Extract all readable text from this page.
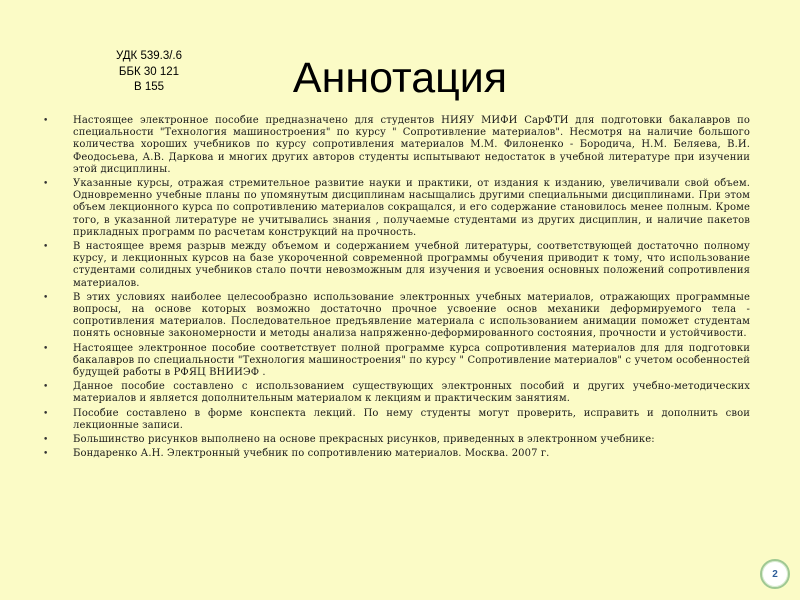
УДК 539.3/.6
ББК 30 121
В 155	Аннотация
• Настоящее электронное пособие предназначено для студентов НИЯУ МИФИ СарФТИ для подготовки бакалавров по специальности "Технология машиностроения" по курсу " Сопротивление материалов". Несмотря на наличие большого количества хороших учебников по курсу сопротивления материалов М.М. Филоненко - Бородича, Н.М. Беляева, В.И. Феодосьева, А.В. Даркова и многих других авторов студенты испытывают недостаток в учебной литературе при изучении этой дисциплины.
• Указанные курсы, отражая стремительное развитие науки и практики, от издания к изданию, увеличивали свой объем. Одновременно учебные планы по упомянутым дисциплинам насыщались другими специальными дисциплинами. При этом объем лекционного курса по сопротивлению материалов сокращался, и его содержание становилось менее полным. Кроме того, в указанной литературе не учитывались знания , получаемые студентами из других дисциплин, и наличие пакетов прикладных программ по расчетам конструкций на прочность.
• В настоящее время разрыв между объемом и содержанием учебной литературы, соответствующей достаточно полному курсу, и лекционных курсов на базе укороченной современной программы обучения приводит к тому, что использование студентами солидных учебников стало почти невозможным для изучения и усвоения основных положений сопротивления материалов.
• В этих условиях наиболее целесообразно использование электронных учебных материалов, отражающих программные вопросы, на основе которых возможно достаточно прочное усвоение основ механики деформируемого тела - сопротивления материалов. Последовательное предъявление материала с использованием анимации поможет студентам понять основные закономерности и методы анализа напряженно-деформированного состояния, прочности и устойчивости.
• Настоящее электронное пособие соответствует полной программе курса сопротивления материалов для для подготовки бакалавров по специальности "Технология машиностроения" по курсу " Сопротивление материалов" с учетом особенностей будущей работы в РФЯЦ ВНИИЭФ .
• Данное пособие составлено с использованием существующих электронных пособий и других учебно-методических материалов и является дополнительным материалом к лекциям и практическим занятиям.
• Пособие составлено в форме конспекта лекций. По нему студенты могут проверить, исправить и дополнить свои лекционные записи.
• Большинство рисунков выполнено на основе прекрасных рисунков, приведенных в электронном учебнике:
• Бондаренко А.Н. Электронный учебник по сопротивлению материалов. Москва. 2007 г.
2
